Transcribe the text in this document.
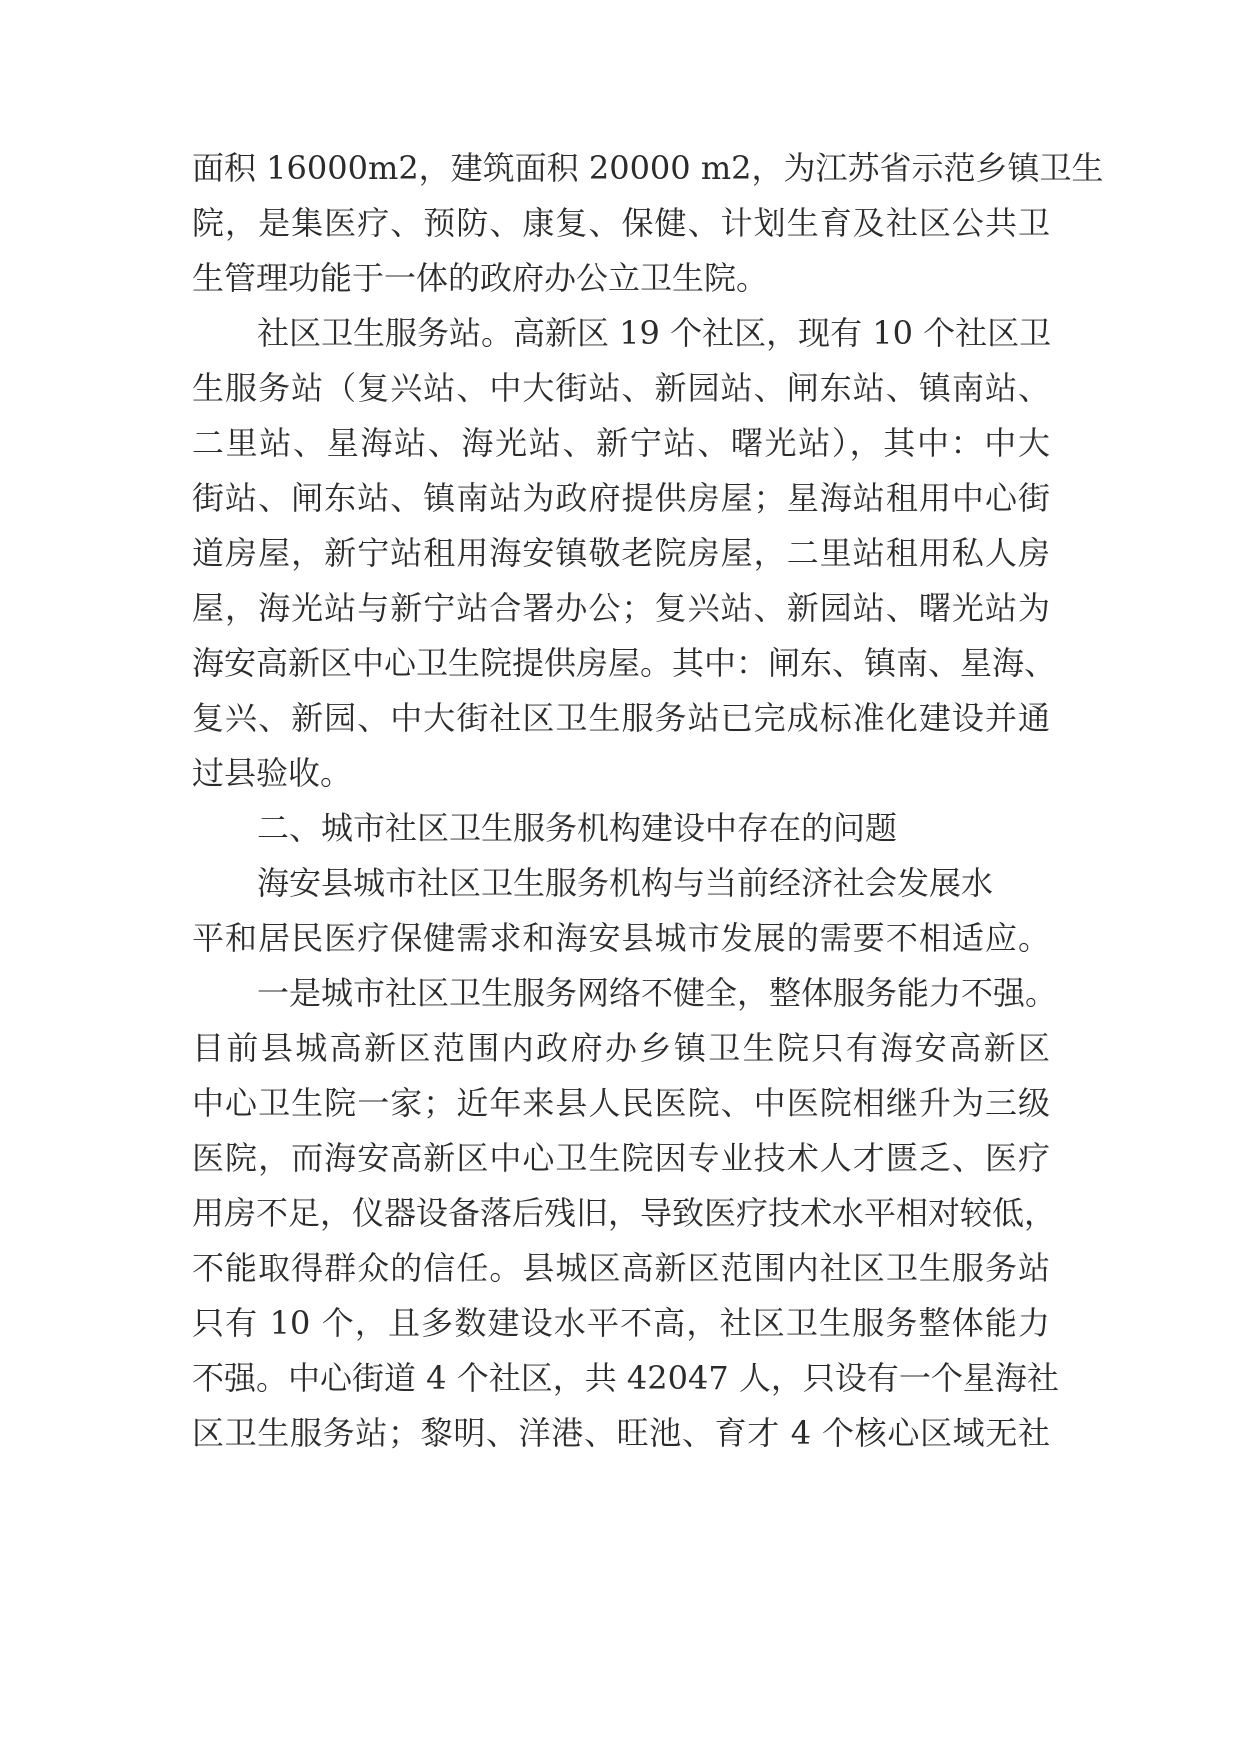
面积 16000m2，建筑面积 20000 m2，为江苏省示范乡镇卫生

院，是集医疗、预防、康复、保健、计划生育及社区公共卫

生管理功能于一体的政府办公立卫生院。

社区卫生服务站。高新区 19 个社区，现有 10 个社区卫

生服务站（复兴站、中大街站、新园站、闸东站、镇南站、

二里站、星海站、海光站、新宁站、曙光站），其中：中大

街站、闸东站、镇南站为政府提供房屋；星海站租用中心街

道房屋，新宁站租用海安镇敬老院房屋，二里站租用私人房

屋，海光站与新宁站合署办公；复兴站、新园站、曙光站为

海安高新区中心卫生院提供房屋。其中：闸东、镇南、星海、

复兴、新园、中大街社区卫生服务站已完成标准化建设并通

过县验收。

二、城市社区卫生服务机构建设中存在的问题

海安县城市社区卫生服务机构与当前经济社会发展水

平和居民医疗保健需求和海安县城市发展的需要不相适应。

一是城市社区卫生服务网络不健全，整体服务能力不强。

目前县城高新区范围内政府办乡镇卫生院只有海安高新区

中心卫生院一家；近年来县人民医院、中医院相继升为三级

医院，而海安高新区中心卫生院因专业技术人才匮乏、医疗

用房不足，仪器设备落后残旧，导致医疗技术水平相对较低，

不能取得群众的信任。县城区高新区范围内社区卫生服务站

只有 10 个，且多数建设水平不高，社区卫生服务整体能力

不强。中心街道 4 个社区，共 42047 人，只设有一个星海社

区卫生服务站；黎明、洋港、旺池、育才 4 个核心区域无社
